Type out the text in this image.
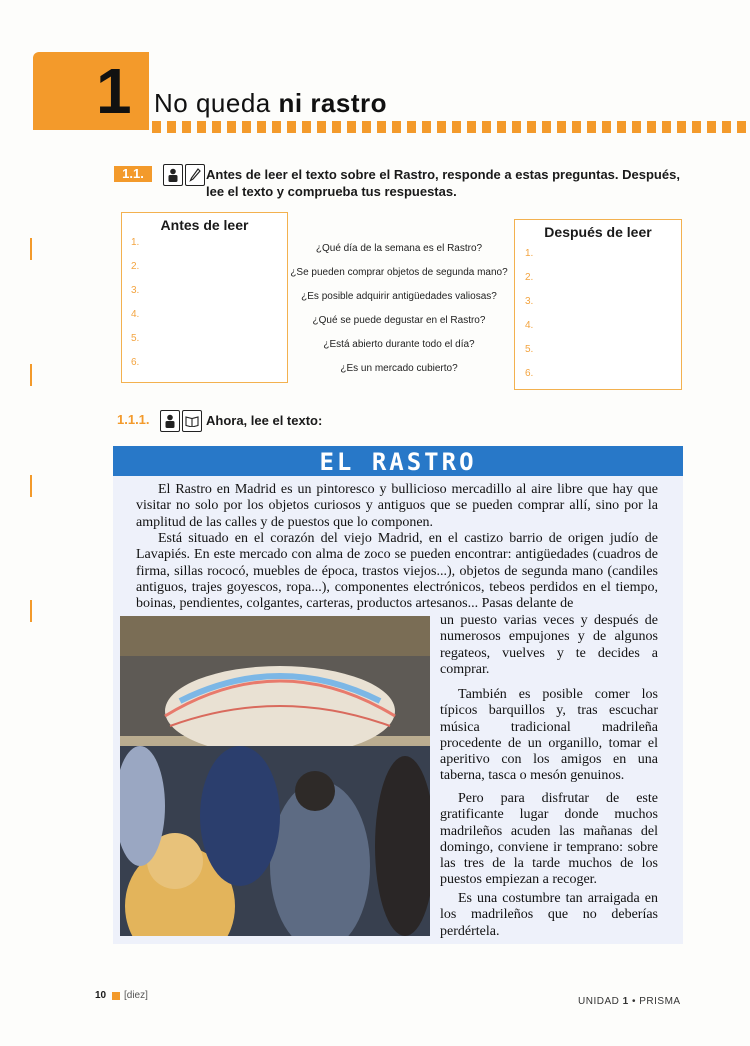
1 No queda ni rastro
1.1.	Antes de leer el texto sobre el Rastro, responde a estas preguntas. Después, lee el texto y comprueba tus respuestas.
Antes de leer
1.
2.
3.
4.
5.
6.
¿Qué día de la semana es el Rastro?
¿Se pueden comprar objetos de segunda mano?
¿Es posible adquirir antigüedades valiosas?
¿Qué se puede degustar en el Rastro?
¿Está abierto durante todo el día?
¿Es un mercado cubierto?
Después de leer
1.
2.
3.
4.
5.
6.
1.1.1.	Ahora, lee el texto:
EL RASTRO
El Rastro en Madrid es un pintoresco y bullicioso mercadillo al aire libre que hay que visitar no solo por los objetos curiosos y antiguos que se pueden comprar allí, sino por la amplitud de las calles y de puestos que lo componen.
Está situado en el corazón del viejo Madrid, en el castizo barrio de origen judío de Lavapiés. En este mercado con alma de zoco se pueden encontrar: antigüedades (cuadros de firma, sillas rococó, muebles de época, trastos viejos...), objetos de segunda mano (candiles antiguos, trajes goyescos, ropa...), componentes electrónicos, tebeos perdidos en el tiempo, boinas, pendientes, colgantes, carteras, productos artesanos... Pasas delante de
un puesto varias veces y después de numerosos empujones y de algunos regateos, vuelves y te decides a comprar.
También es posible comer los típicos barquillos y, tras escuchar música tradicional madrileña procedente de un organillo, tomar el aperitivo con los amigos en una taberna, tasca o mesón genuinos.
Pero para disfrutar de este gratificante lugar donde muchos madrileños acuden las mañanas del domingo, conviene ir temprano: sobre las tres de la tarde muchos de los puestos empiezan a recoger.
Es una costumbre tan arraigada en los madrileños que no deberías perdértela.
10 [diez]
UNIDAD 1 • PRISMA
